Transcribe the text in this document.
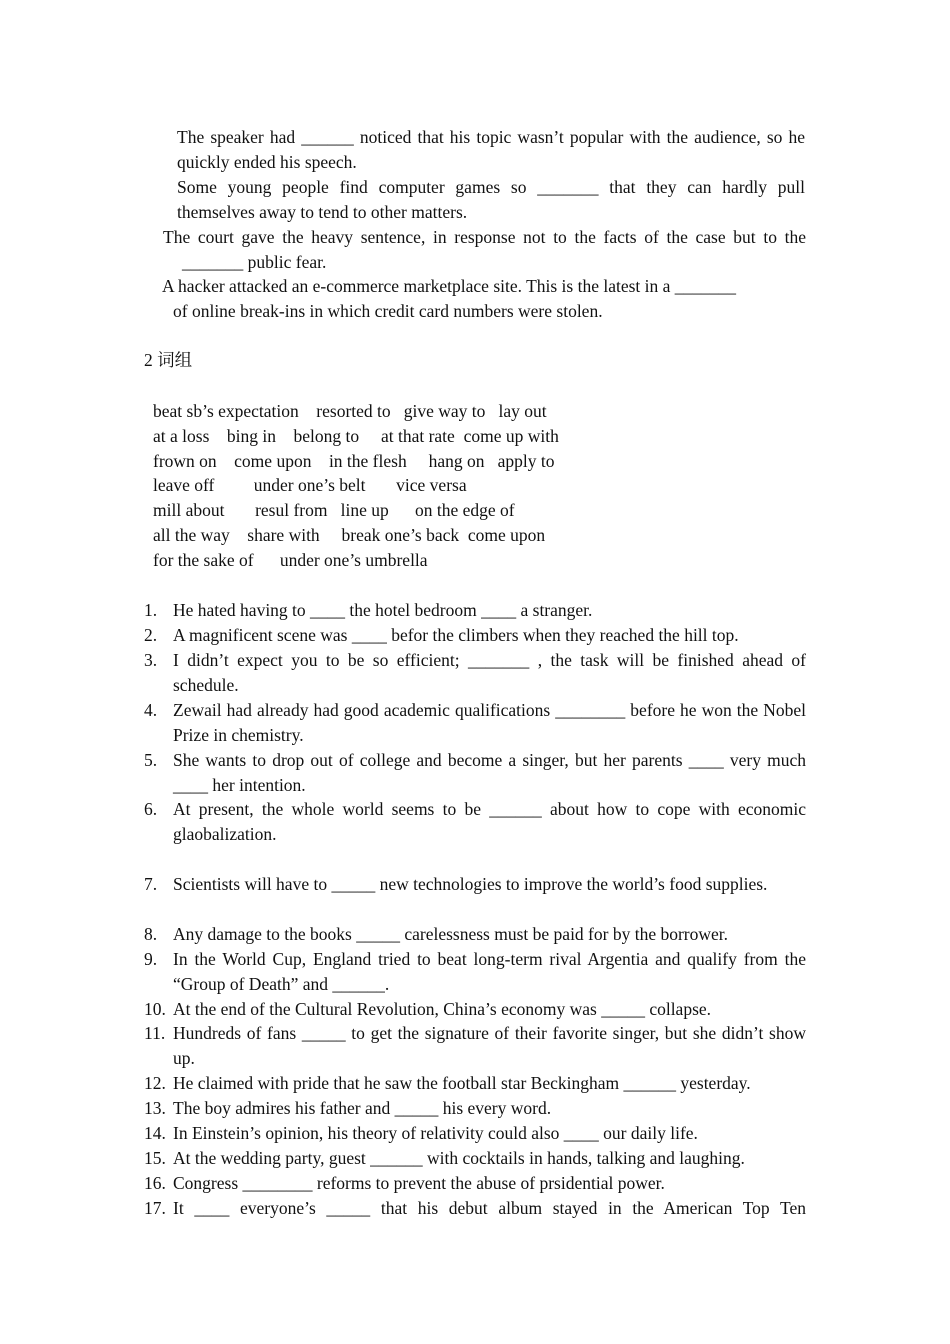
The speaker had ______ noticed that his topic wasn’t popular with the audience, so he quickly ended his speech.
Some young people find computer games so _______ that they can hardly pull themselves away to tend to other matters.
The court gave the heavy sentence, in response not to the facts of the case but to the
_______ public fear.
A hacker attacked an e-commerce marketplace site. This is the latest in a _______
of online break-ins in which credit card numbers were stolen.
2 词组
beat sb’s expectation    resorted to   give way to   lay out
at a loss    bing in    belong to     at that rate  come up with
frown on    come upon    in the flesh     hang on   apply to
leave off         under one’s belt       vice versa
mill about       resul from   line up      on the edge of
all the way    share with     break one’s back  come upon
for the sake of      under one’s umbrella
1. He hated having to ____ the hotel bedroom ____ a stranger.
2. A magnificent scene was ____ befor the climbers when they reached the hill top.
3. I didn’t expect you to be so efficient; _______ , the task will be finished ahead of schedule.
4. Zewail had already had good academic qualifications ________ before he won the Nobel Prize in chemistry.
5. She wants to drop out of college and become a singer, but her parents ____ very much ____ her intention.
6. At present, the whole world seems to be ______ about how to cope with economic glaobalization.
7. Scientists will have to _____ new technologies to improve the world’s food supplies.
8. Any damage to the books _____ carelessness must be paid for by the borrower.
9. In the World Cup, England tried to beat long-term rival Argentia and qualify from the “Group of Death” and ______.
10. At the end of the Cultural Revolution, China’s economy was _____ collapse.
11. Hundreds of fans _____ to get the signature of their favorite singer, but she didn’t show up.
12. He claimed with pride that he saw the football star Beckingham ______ yesterday.
13. The boy admires his father and _____ his every word.
14. In Einstein’s opinion, his theory of relativity could also ____ our daily life.
15. At the wedding party, guest ______ with cocktails in hands, talking and laughing.
16. Congress ________ reforms to prevent the abuse of prsidential power.
17. It ____ everyone’s _____ that his debut album stayed in the American Top Ten
